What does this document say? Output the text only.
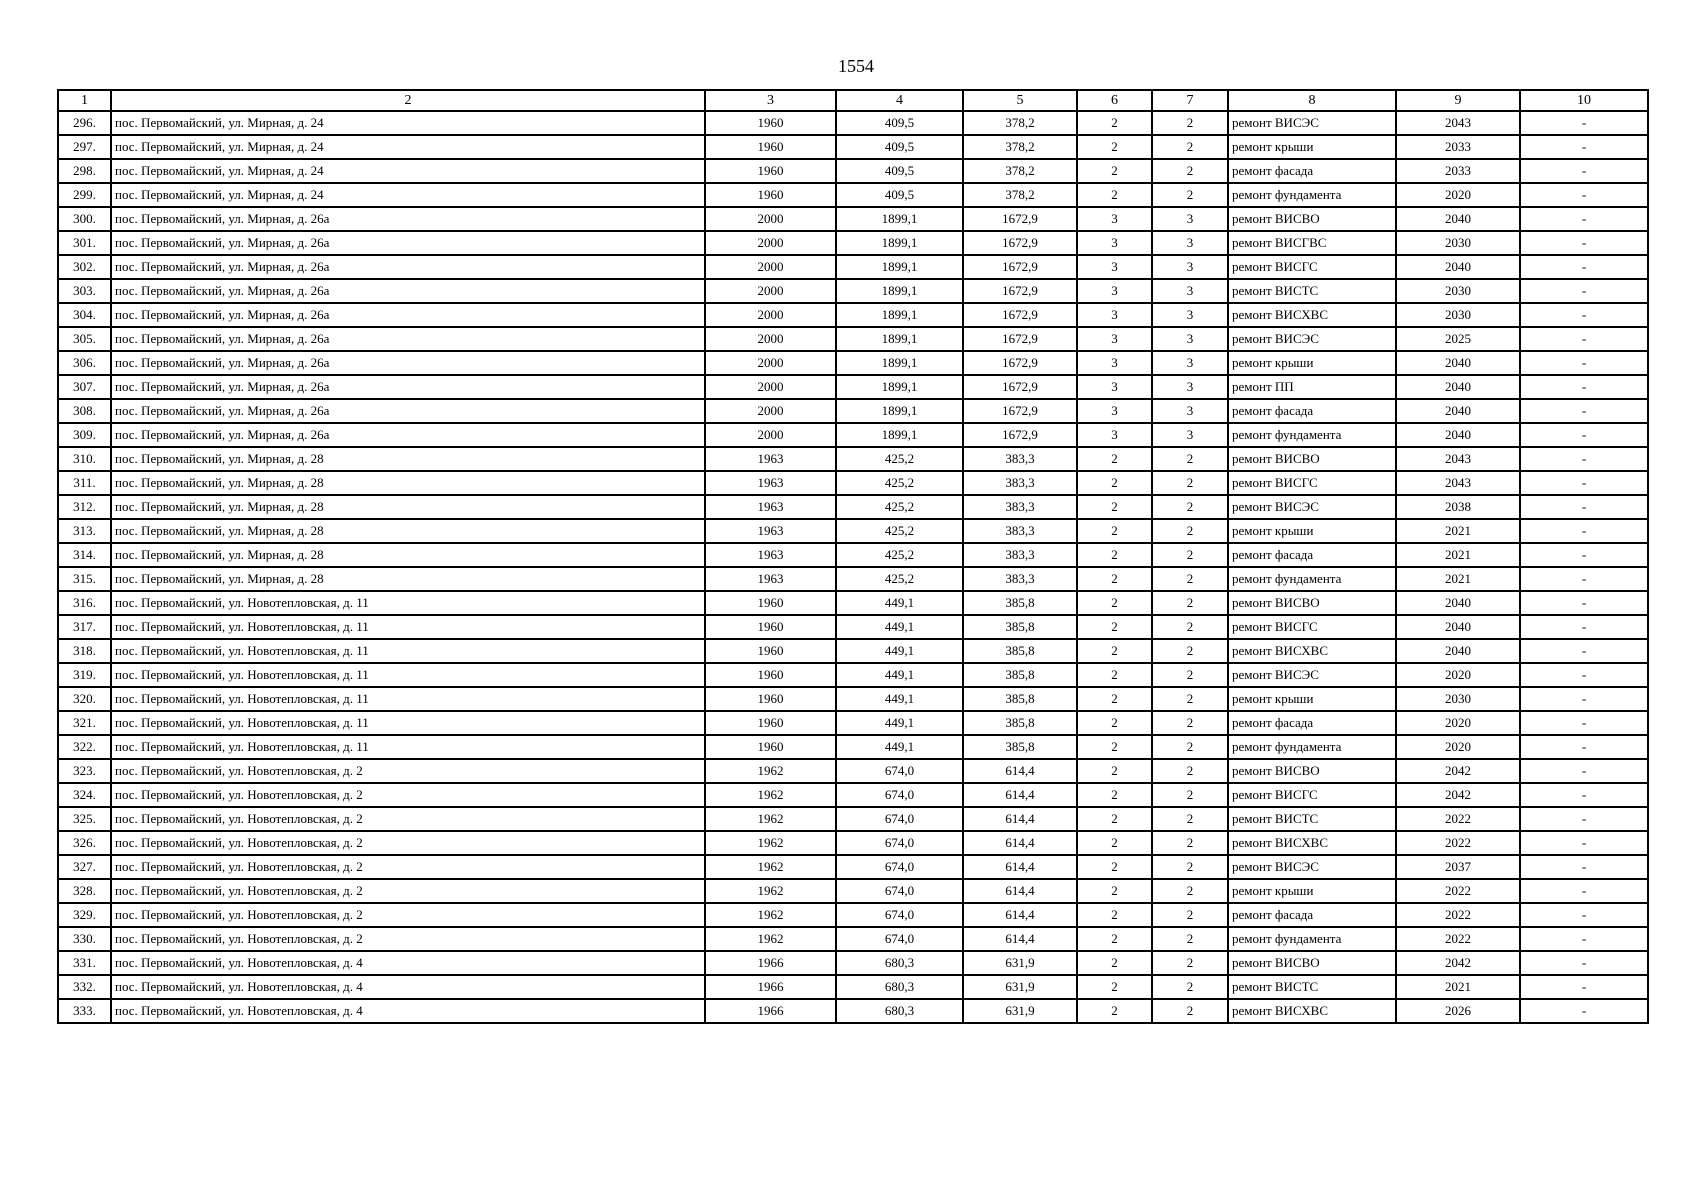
1554
1	2	3	4	5	6	7	8	9	10
296.	пос. Первомайский, ул. Мирная, д. 24	1960	409,5	378,2	2	2	ремонт ВИСЭС	2043	-
297.	пос. Первомайский, ул. Мирная, д. 24	1960	409,5	378,2	2	2	ремонт крыши	2033	-
298.	пос. Первомайский, ул. Мирная, д. 24	1960	409,5	378,2	2	2	ремонт фасада	2033	-
299.	пос. Первомайский, ул. Мирная, д. 24	1960	409,5	378,2	2	2	ремонт фундамента	2020	-
300.	пос. Первомайский, ул. Мирная, д. 26а	2000	1899,1	1672,9	3	3	ремонт ВИСВО	2040	-
301.	пос. Первомайский, ул. Мирная, д. 26а	2000	1899,1	1672,9	3	3	ремонт ВИСГВС	2030	-
302.	пос. Первомайский, ул. Мирная, д. 26а	2000	1899,1	1672,9	3	3	ремонт ВИСГС	2040	-
303.	пос. Первомайский, ул. Мирная, д. 26а	2000	1899,1	1672,9	3	3	ремонт ВИСТС	2030	-
304.	пос. Первомайский, ул. Мирная, д. 26а	2000	1899,1	1672,9	3	3	ремонт ВИСХВС	2030	-
305.	пос. Первомайский, ул. Мирная, д. 26а	2000	1899,1	1672,9	3	3	ремонт ВИСЭС	2025	-
306.	пос. Первомайский, ул. Мирная, д. 26а	2000	1899,1	1672,9	3	3	ремонт крыши	2040	-
307.	пос. Первомайский, ул. Мирная, д. 26а	2000	1899,1	1672,9	3	3	ремонт ПП	2040	-
308.	пос. Первомайский, ул. Мирная, д. 26а	2000	1899,1	1672,9	3	3	ремонт фасада	2040	-
309.	пос. Первомайский, ул. Мирная, д. 26а	2000	1899,1	1672,9	3	3	ремонт фундамента	2040	-
310.	пос. Первомайский, ул. Мирная, д. 28	1963	425,2	383,3	2	2	ремонт ВИСВО	2043	-
311.	пос. Первомайский, ул. Мирная, д. 28	1963	425,2	383,3	2	2	ремонт ВИСГС	2043	-
312.	пос. Первомайский, ул. Мирная, д. 28	1963	425,2	383,3	2	2	ремонт ВИСЭС	2038	-
313.	пос. Первомайский, ул. Мирная, д. 28	1963	425,2	383,3	2	2	ремонт крыши	2021	-
314.	пос. Первомайский, ул. Мирная, д. 28	1963	425,2	383,3	2	2	ремонт фасада	2021	-
315.	пос. Первомайский, ул. Мирная, д. 28	1963	425,2	383,3	2	2	ремонт фундамента	2021	-
316.	пос. Первомайский, ул. Новотепловская, д. 11	1960	449,1	385,8	2	2	ремонт ВИСВО	2040	-
317.	пос. Первомайский, ул. Новотепловская, д. 11	1960	449,1	385,8	2	2	ремонт ВИСГС	2040	-
318.	пос. Первомайский, ул. Новотепловская, д. 11	1960	449,1	385,8	2	2	ремонт ВИСХВС	2040	-
319.	пос. Первомайский, ул. Новотепловская, д. 11	1960	449,1	385,8	2	2	ремонт ВИСЭС	2020	-
320.	пос. Первомайский, ул. Новотепловская, д. 11	1960	449,1	385,8	2	2	ремонт крыши	2030	-
321.	пос. Первомайский, ул. Новотепловская, д. 11	1960	449,1	385,8	2	2	ремонт фасада	2020	-
322.	пос. Первомайский, ул. Новотепловская, д. 11	1960	449,1	385,8	2	2	ремонт фундамента	2020	-
323.	пос. Первомайский, ул. Новотепловская, д. 2	1962	674,0	614,4	2	2	ремонт ВИСВО	2042	-
324.	пос. Первомайский, ул. Новотепловская, д. 2	1962	674,0	614,4	2	2	ремонт ВИСГС	2042	-
325.	пос. Первомайский, ул. Новотепловская, д. 2	1962	674,0	614,4	2	2	ремонт ВИСТС	2022	-
326.	пос. Первомайский, ул. Новотепловская, д. 2	1962	674,0	614,4	2	2	ремонт ВИСХВС	2022	-
327.	пос. Первомайский, ул. Новотепловская, д. 2	1962	674,0	614,4	2	2	ремонт ВИСЭС	2037	-
328.	пос. Первомайский, ул. Новотепловская, д. 2	1962	674,0	614,4	2	2	ремонт крыши	2022	-
329.	пос. Первомайский, ул. Новотепловская, д. 2	1962	674,0	614,4	2	2	ремонт фасада	2022	-
330.	пос. Первомайский, ул. Новотепловская, д. 2	1962	674,0	614,4	2	2	ремонт фундамента	2022	-
331.	пос. Первомайский, ул. Новотепловская, д. 4	1966	680,3	631,9	2	2	ремонт ВИСВО	2042	-
332.	пос. Первомайский, ул. Новотепловская, д. 4	1966	680,3	631,9	2	2	ремонт ВИСТС	2021	-
333.	пос. Первомайский, ул. Новотепловская, д. 4	1966	680,3	631,9	2	2	ремонт ВИСХВС	2026	-
